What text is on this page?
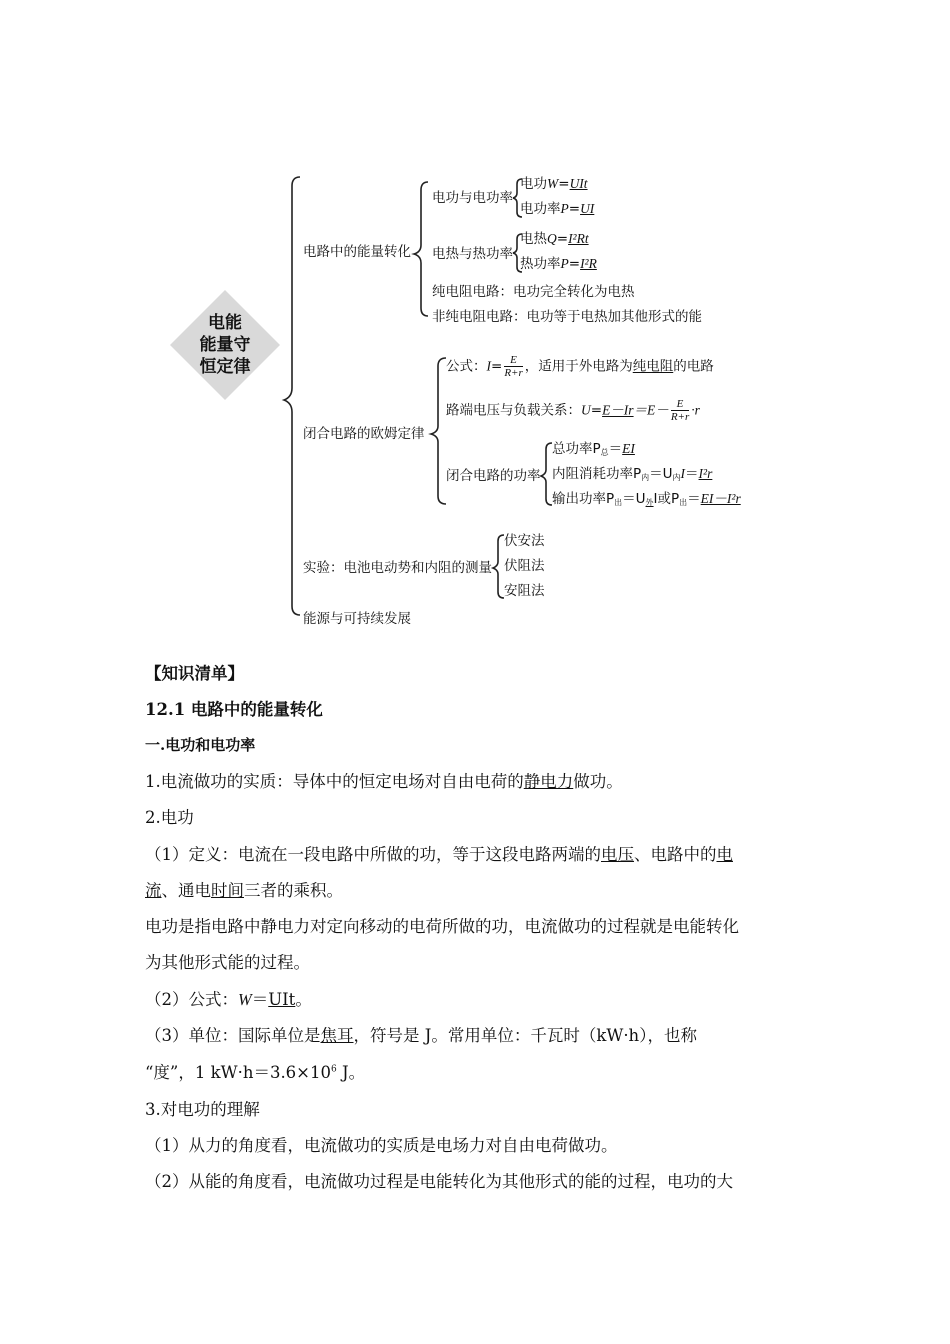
电能
能量守
恒定律
电路中的能量转化
电功与电功率
电功W=UIt
电功率P=UI
电热与热功率
电热Q=I²Rt
热功率P=I²R
纯电阻电路：电功完全转化为电热
非纯电阻电路：电功等于电热加其他形式的能
闭合电路的欧姆定律
公式：$I= \frac{E}{R+r}$ ，适用于外电路为纯电阻的电路
路端电压与负载关系：$U=E-Ir=E- \frac{E}{R+r} \cdot r$
闭合电路的功率
总功率$P_总=EI$
内阻消耗功率$P_内=U_内I=I^2r$
输出功率$P_出=U_外I$或$P_出=EI-I^2r$
实验：电池电动势和内阻的测量
伏安法
伏阻法
安阻法
能源与可持续发展

【知识清单】

12.1 电路中的能量转化

一.电功和电功率

1.电流做功的实质：导体中的恒定电场对自由电荷的静电力做功。

2.电功

（1）定义：电流在一段电路中所做的功，等于这段电路两端的电压、电路中的电

流、通电时间三者的乘积。

电功是指电路中静电力对定向移动的电荷所做的功，电流做功的过程就是电能转化

为其他形式能的过程。

（2）公式：W＝UIt。

（3）单位：国际单位是焦耳，符号是 J。常用单位：千瓦时（kW·h），也称

“度”，1 $kW\cdot h=3.6\times 10^6$ J。

3.对电功的理解

（1）从力的角度看，电流做功的实质是电场力对自由电荷做功。

（2）从能的角度看，电流做功过程是电能转化为其他形式的能的过程，电功的大
